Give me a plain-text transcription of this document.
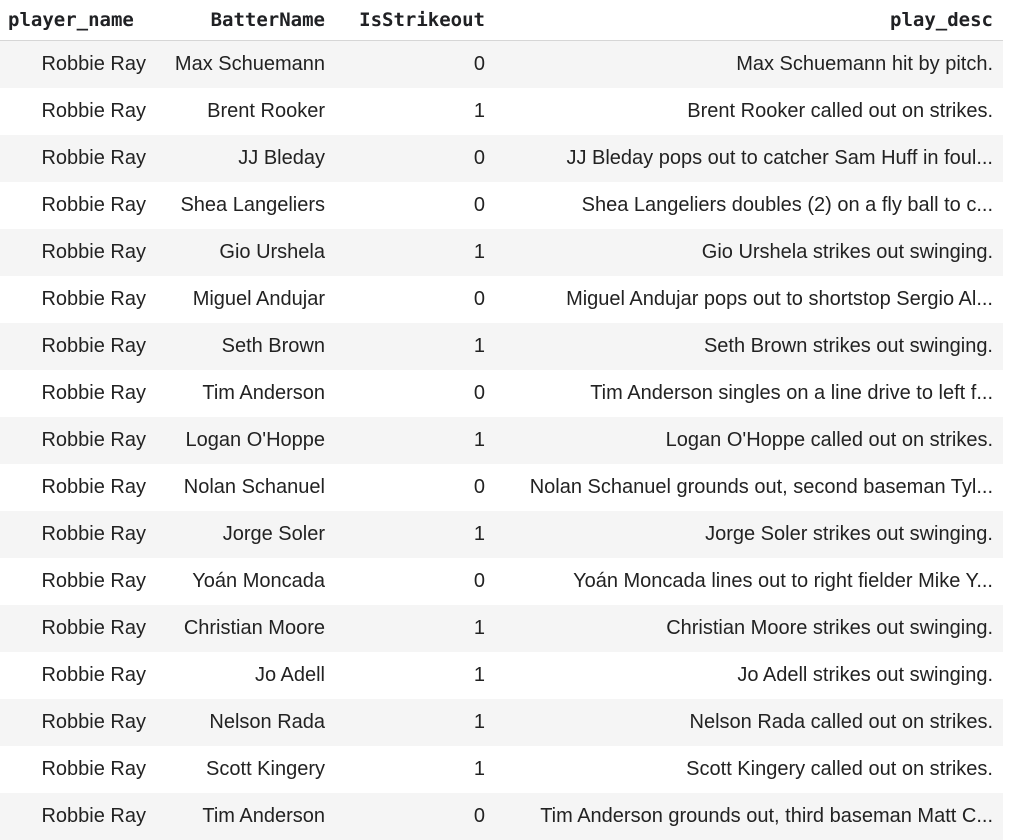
player_name	BatterName	IsStrikeout	play_desc
Robbie Ray	Max Schuemann	0	Max Schuemann hit by pitch.
Robbie Ray	Brent Rooker	1	Brent Rooker called out on strikes.
Robbie Ray	JJ Bleday	0	JJ Bleday pops out to catcher Sam Huff in foul...
Robbie Ray	Shea Langeliers	0	Shea Langeliers doubles (2) on a fly ball to c...
Robbie Ray	Gio Urshela	1	Gio Urshela strikes out swinging.
Robbie Ray	Miguel Andujar	0	Miguel Andujar pops out to shortstop Sergio Al...
Robbie Ray	Seth Brown	1	Seth Brown strikes out swinging.
Robbie Ray	Tim Anderson	0	Tim Anderson singles on a line drive to left f...
Robbie Ray	Logan O'Hoppe	1	Logan O'Hoppe called out on strikes.
Robbie Ray	Nolan Schanuel	0	Nolan Schanuel grounds out, second baseman Tyl...
Robbie Ray	Jorge Soler	1	Jorge Soler strikes out swinging.
Robbie Ray	Yoán Moncada	0	Yoán Moncada lines out to right fielder Mike Y...
Robbie Ray	Christian Moore	1	Christian Moore strikes out swinging.
Robbie Ray	Jo Adell	1	Jo Adell strikes out swinging.
Robbie Ray	Nelson Rada	1	Nelson Rada called out on strikes.
Robbie Ray	Scott Kingery	1	Scott Kingery called out on strikes.
Robbie Ray	Tim Anderson	0	Tim Anderson grounds out, third baseman Matt C...
